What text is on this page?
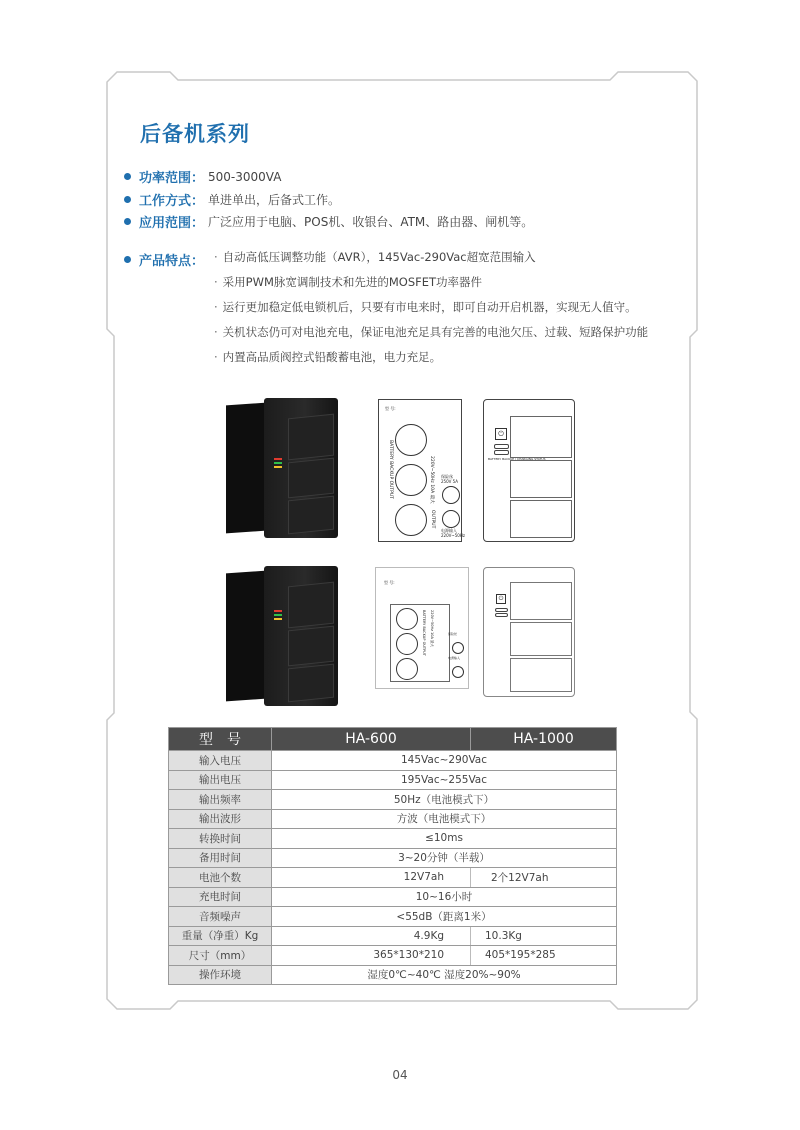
后备机系列
功率范围： 500-3000VA
工作方式： 单进单出，后备式工作。
应用范围： 广泛应用于电脑、POS机、收银台、ATM、路由器、闸机等。
产品特点：	· 自动高低压调整功能（AVR），145Vac-290Vac超宽范围输入
· 采用PWM脉宽调制技术和先进的MOSFET功率器件
· 运行更加稳定低电锁机后，只要有市电来时，即可自动开启机器，实现无人值守。
· 关机状态仍可对电池充电，保证电池充足具有完善的电池欠压、过载、短路保护功能
· 内置高品质阀控式铅酸蓄电池，电力充足。
型 号:
BATTERY BACKUP OUTPUT	220V~50Hz 10A 最大
OUTPUT
保险丝
250V 5A
电源输入
220V~50Hz
⏻
BATTERY BACKUP / CHARGING STATUS
型 号:
BATTERY BACKUP OUTPUT 220V~50Hz 10A 最大	保险丝
电源输入
⏻
型　号	HA-600	HA-1000
输入电压	145Vac~290Vac	
输出电压	195Vac~255Vac	
输出频率	50Hz（电池模式下）	
输出波形	方波（电池模式下）	
转换时间	≤10ms	
备用时间	3~20分钟（半载）	
电池个数	12V7ah	2个12V7ah
充电时间	10~16小时	
音频噪声	<55dB（距离1米）	
重量（净重）Kg	4.9Kg	10.3Kg
尺寸（mm）	365*130*210	405*195*285
操作环境	湿度0℃~40℃ 湿度20%~90%	
04
